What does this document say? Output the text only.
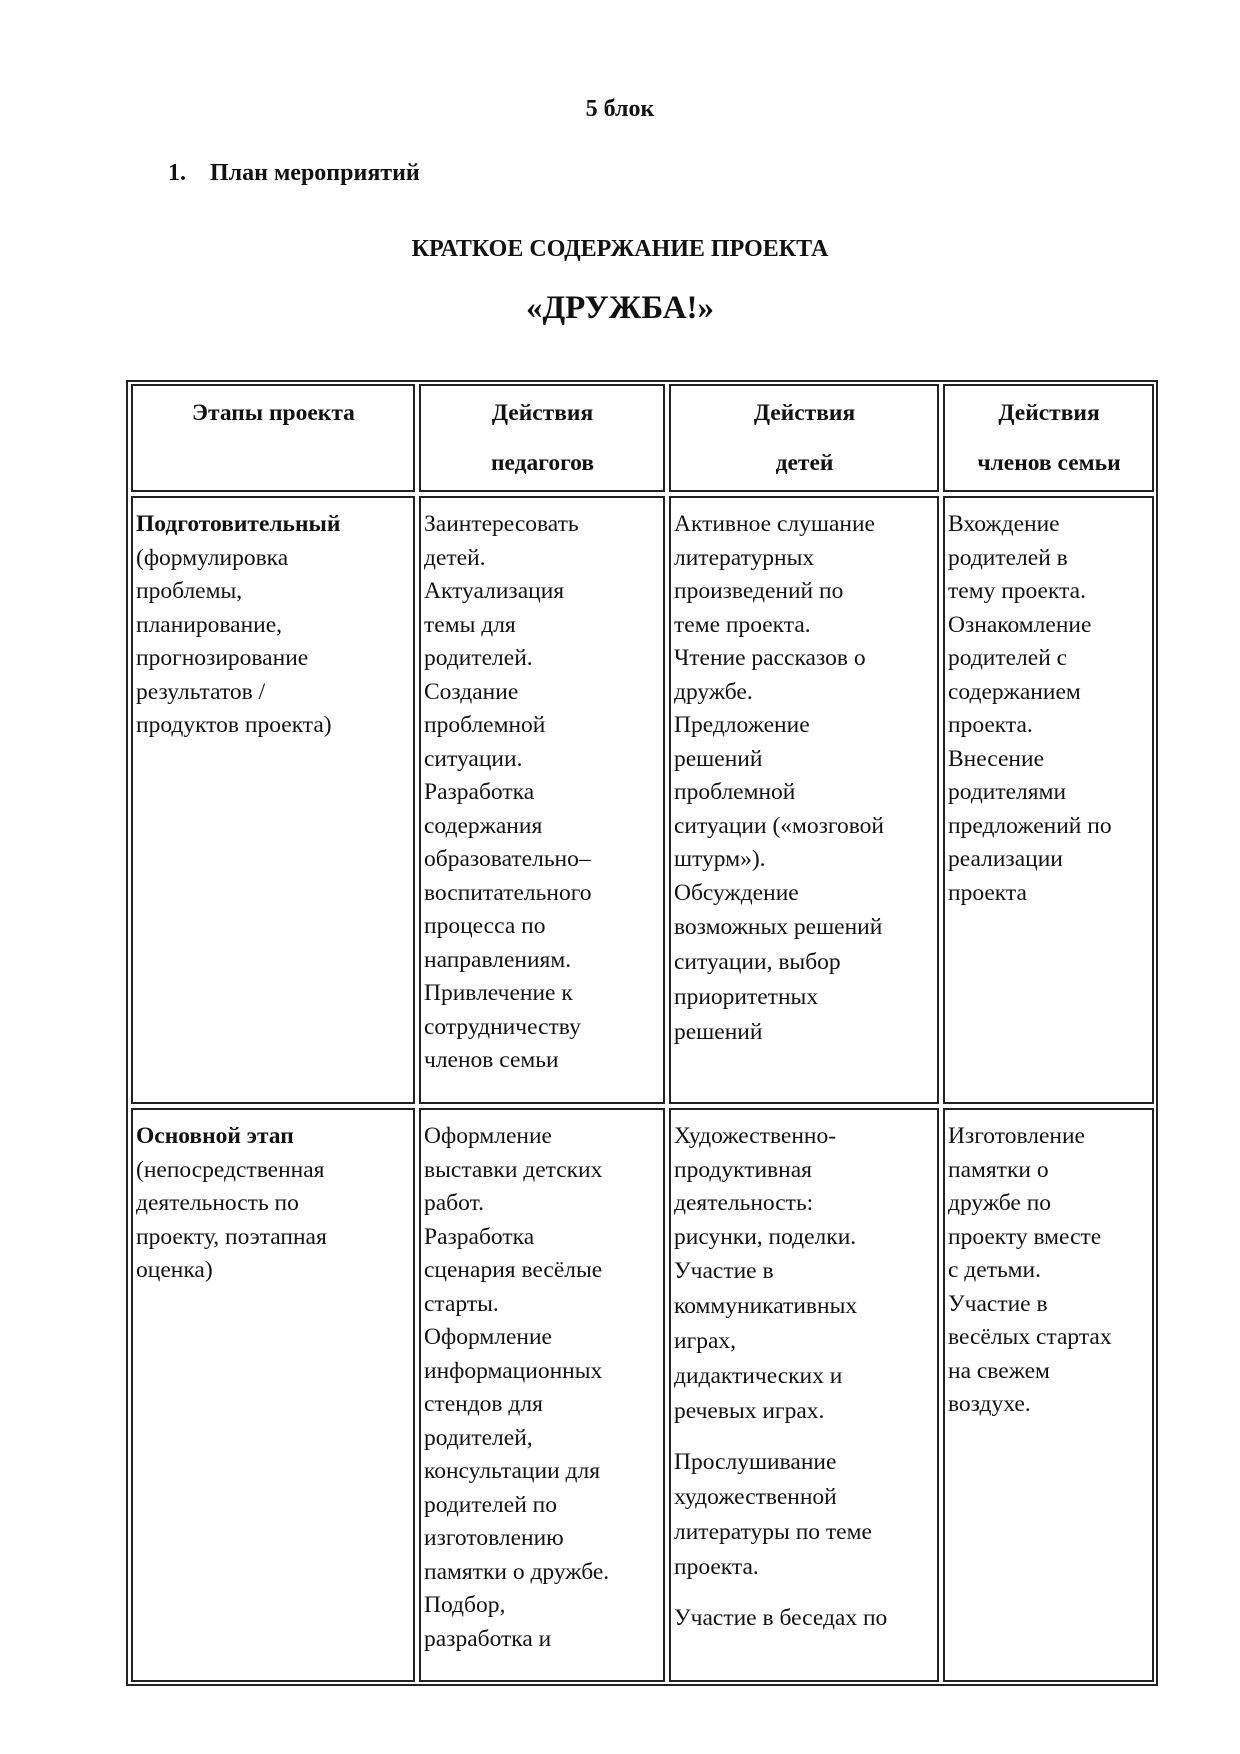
5 блок
1. План мероприятий
КРАТКОЕ СОДЕРЖАНИЕ ПРОЕКТА
«ДРУЖБА!»
Этапы проекта	Действия
педагогов
Действия
детей
Действия
членов семьи
Подготовительный
(формулировка
проблемы,
планирование,
прогнозирование
результатов /
продуктов проекта)
Заинтересовать
детей.
Актуализация
темы для
родителей.
Создание
проблемной
ситуации.
Разработка
содержания
образовательно–
воспитательного
процесса по
направлениям.
Привлечение к
сотрудничеству
членов семьи
Активное слушание
литературных
произведений по
теме проекта.
Чтение рассказов о
дружбе.
Предложение
решений
проблемной
ситуации («мозговой
штурм»).
Обсуждение
возможных решений
ситуации, выбор
приоритетных
решений
Вхождение
родителей в
тему проекта.
Ознакомление
родителей с
содержанием
проекта.
Внесение
родителями
предложений по
реализации
проекта
Основной этап
(непосредственная
деятельность по
проекту, поэтапная
оценка)
Оформление
выставки детских
работ.
Разработка
сценария весёлые
старты.
Оформление
информационных
стендов для
родителей,
консультации для
родителей по
изготовлению
памятки о дружбе.
Подбор,
разработка и
Художественно-
продуктивная
деятельность:
рисунки, поделки.
Участие в
коммуникативных
играх,
дидактических и
речевых играх.
Прослушивание
художественной
литературы по теме
проекта.
Участие в беседах по
Изготовление
памятки о
дружбе по
проекту вместе
с детьми.
Участие в
весёлых стартах
на свежем
воздухе.
